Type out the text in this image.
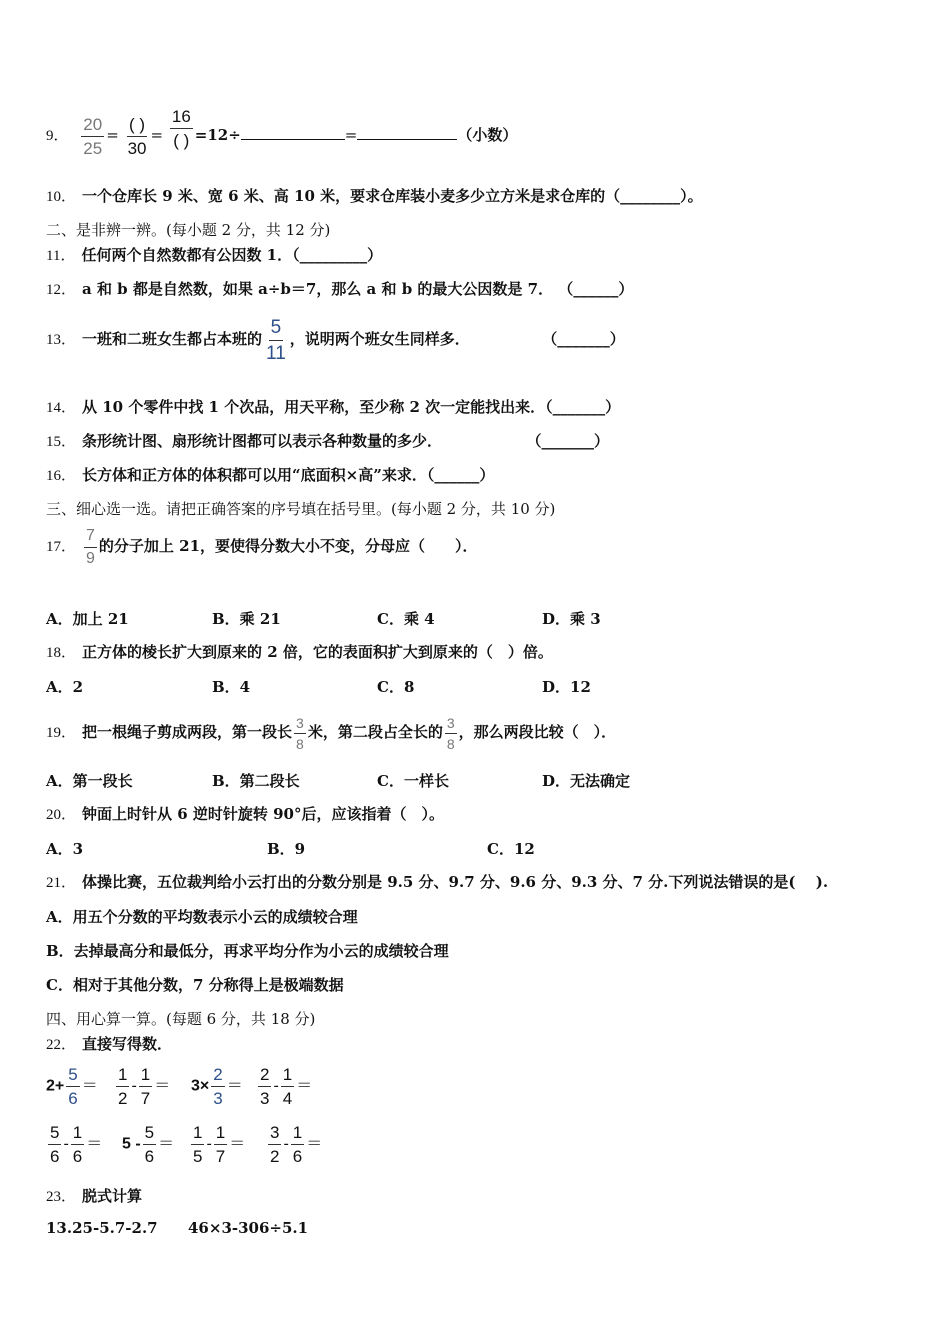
9． $\frac{20}{25} = \frac{( )}{30} = \frac{16}{( )} =12\div$	=	（小数）
10． 一个仓库长 9 米、宽 6 米、高 10 米，要求仓库装小麦多少立方米是求仓库的（________）。
二、是非辨一辨。(每小题 2 分，共 12 分)
11． 任何两个自然数都有公因数 1．（_________）
12． a 和 b 都是自然数，如果 a÷b＝7，那么 a 和 b 的最大公因数是 7． （______）
13． 一班和二班女生都占本班的 $\frac{5}{11}$ ，说明两个班女生同样多．	（_______）
14． 从 10 个零件中找 1 个次品，用天平称，至少称 2 次一定能找出来．（_______）
15． 条形统计图、扇形统计图都可以表示各种数量的多少．	（_______）
16． 长方体和正方体的体积都可以用“底面积×高”来求．（______）
三、细心选一选。请把正确答案的序号填在括号里。(每小题 2 分，共 10 分)
17． $\frac{7}{9}$ 的分子加上 21，要使得分数大小不变，分母应（　　）．
A．加上 21	B．乘 21	C．乘 4	D．乘 3
18． 正方体的棱长扩大到原来的 2 倍，它的表面积扩大到原来的（　）倍。
A．2	B．4	C．8	D．12
19． 把一根绳子剪成两段，第一段长 $\frac{3}{8}$ 米，第二段占全长的 $\frac{3}{8}$ ，那么两段比较（　）．
A．第一段长	B．第二段长	C．一样长	D．无法确定
20． 钟面上时针从 6 逆时针旋转 90°后，应该指着（　）。
A．3	B．9	C．12
21． 体操比赛，五位裁判给小云打出的分数分别是 9.5 分、9.7 分、9.6 分、9.3 分、7 分.下列说法错误的是(　 ).
A．用五个分数的平均数表示小云的成绩较合理
B．去掉最高分和最低分，再求平均分作为小云的成绩较合理
C．相对于其他分数，7 分称得上是极端数据
四、用心算一算。(每题 6 分，共 18 分)
22． 直接写得数．
$2+ \frac{5}{6} = \frac{1}{2} - \frac{1}{7} = 3\times \frac{2}{3} = \frac{2}{3} - \frac{1}{4}$ ＝
$\frac{5}{6} - \frac{1}{6} = 5 - \frac{5}{6} = \frac{1}{5} - \frac{1}{7} = \frac{3}{2} - \frac{1}{6}$ ＝
23． 脱式计算
13.25-5.7-2.7 46×3-306÷5.1
